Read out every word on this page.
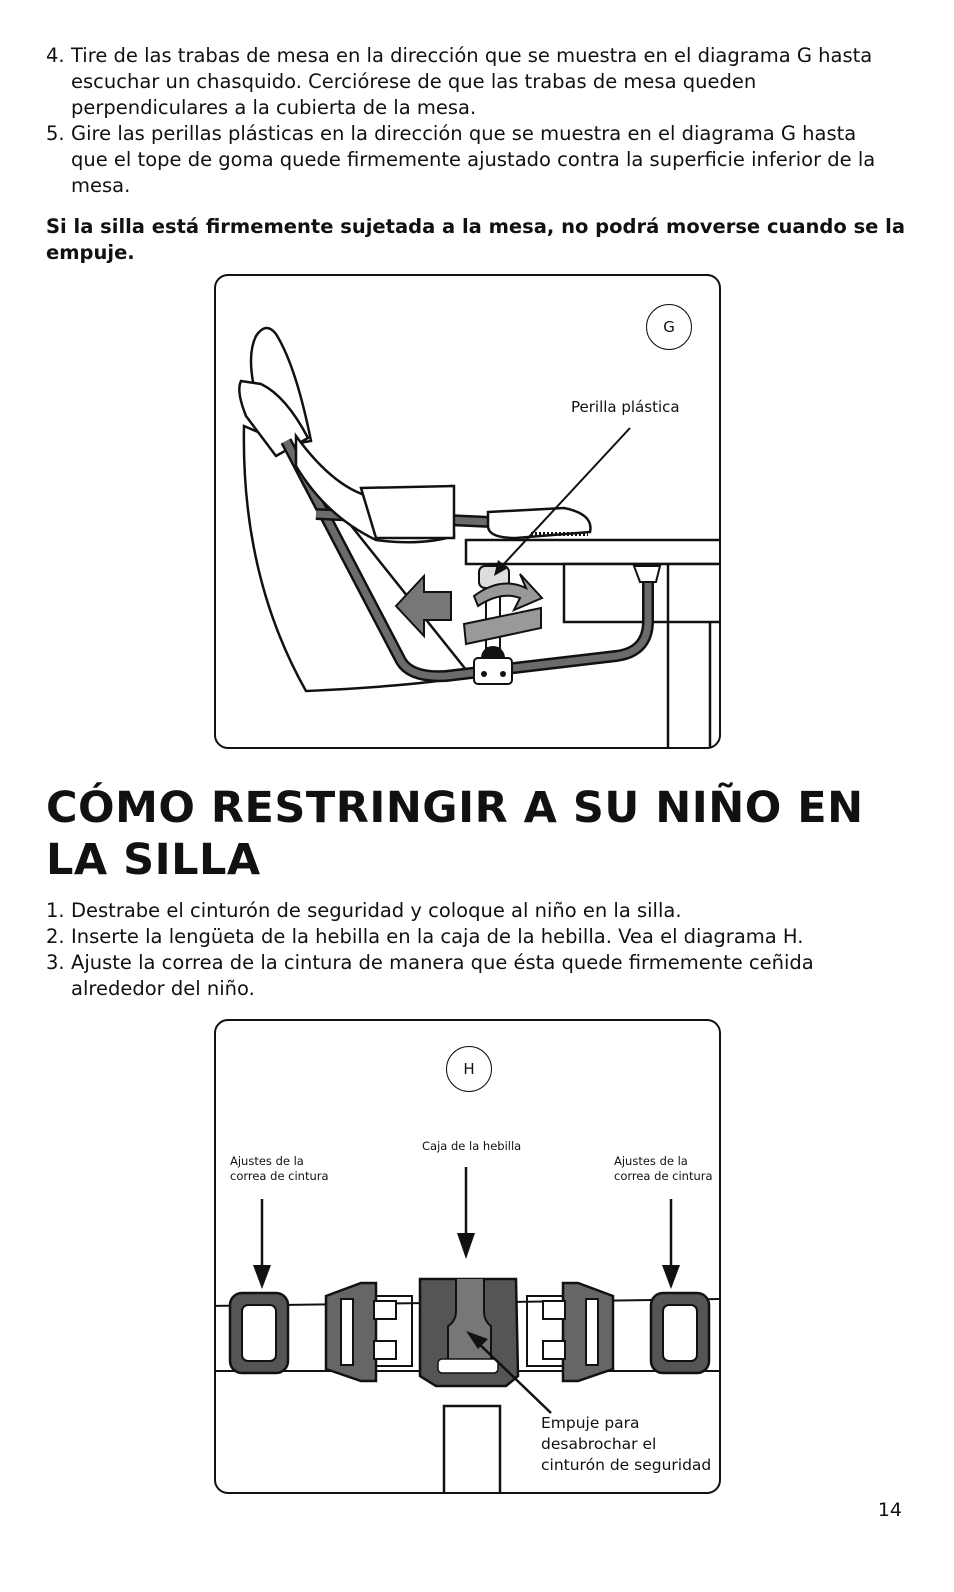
4. Tire de las trabas de mesa en la dirección que se muestra en el diagrama G hasta escuchar un chasquido. Cerciórese de que las trabas de mesa queden perpendiculares a la cubierta de la mesa.
5. Gire las perillas plásticas en la dirección que se muestra en el diagrama G hasta que el tope de goma quede firmemente ajustado contra la superficie inferior de la mesa.

Si la silla está firmemente sujetada a la mesa, no podrá moverse cuando se la empuje.

G
Perilla plástica
CÓMO RESTRINGIR A SU NIÑO EN LA SILLA
1. Destrabe el cinturón de seguridad y coloque al niño en la silla.
2. Inserte la lengüeta de la hebilla en la caja de la hebilla. Vea el diagrama H.
3. Ajuste la correa de la cintura de manera que ésta quede firmemente ceñida alrededor del niño.
H
Caja de la hebilla
Ajustes de la correa de cintura
Ajustes de la correa de cintura
Empuje para desabrochar el cinturón de seguridad
14
